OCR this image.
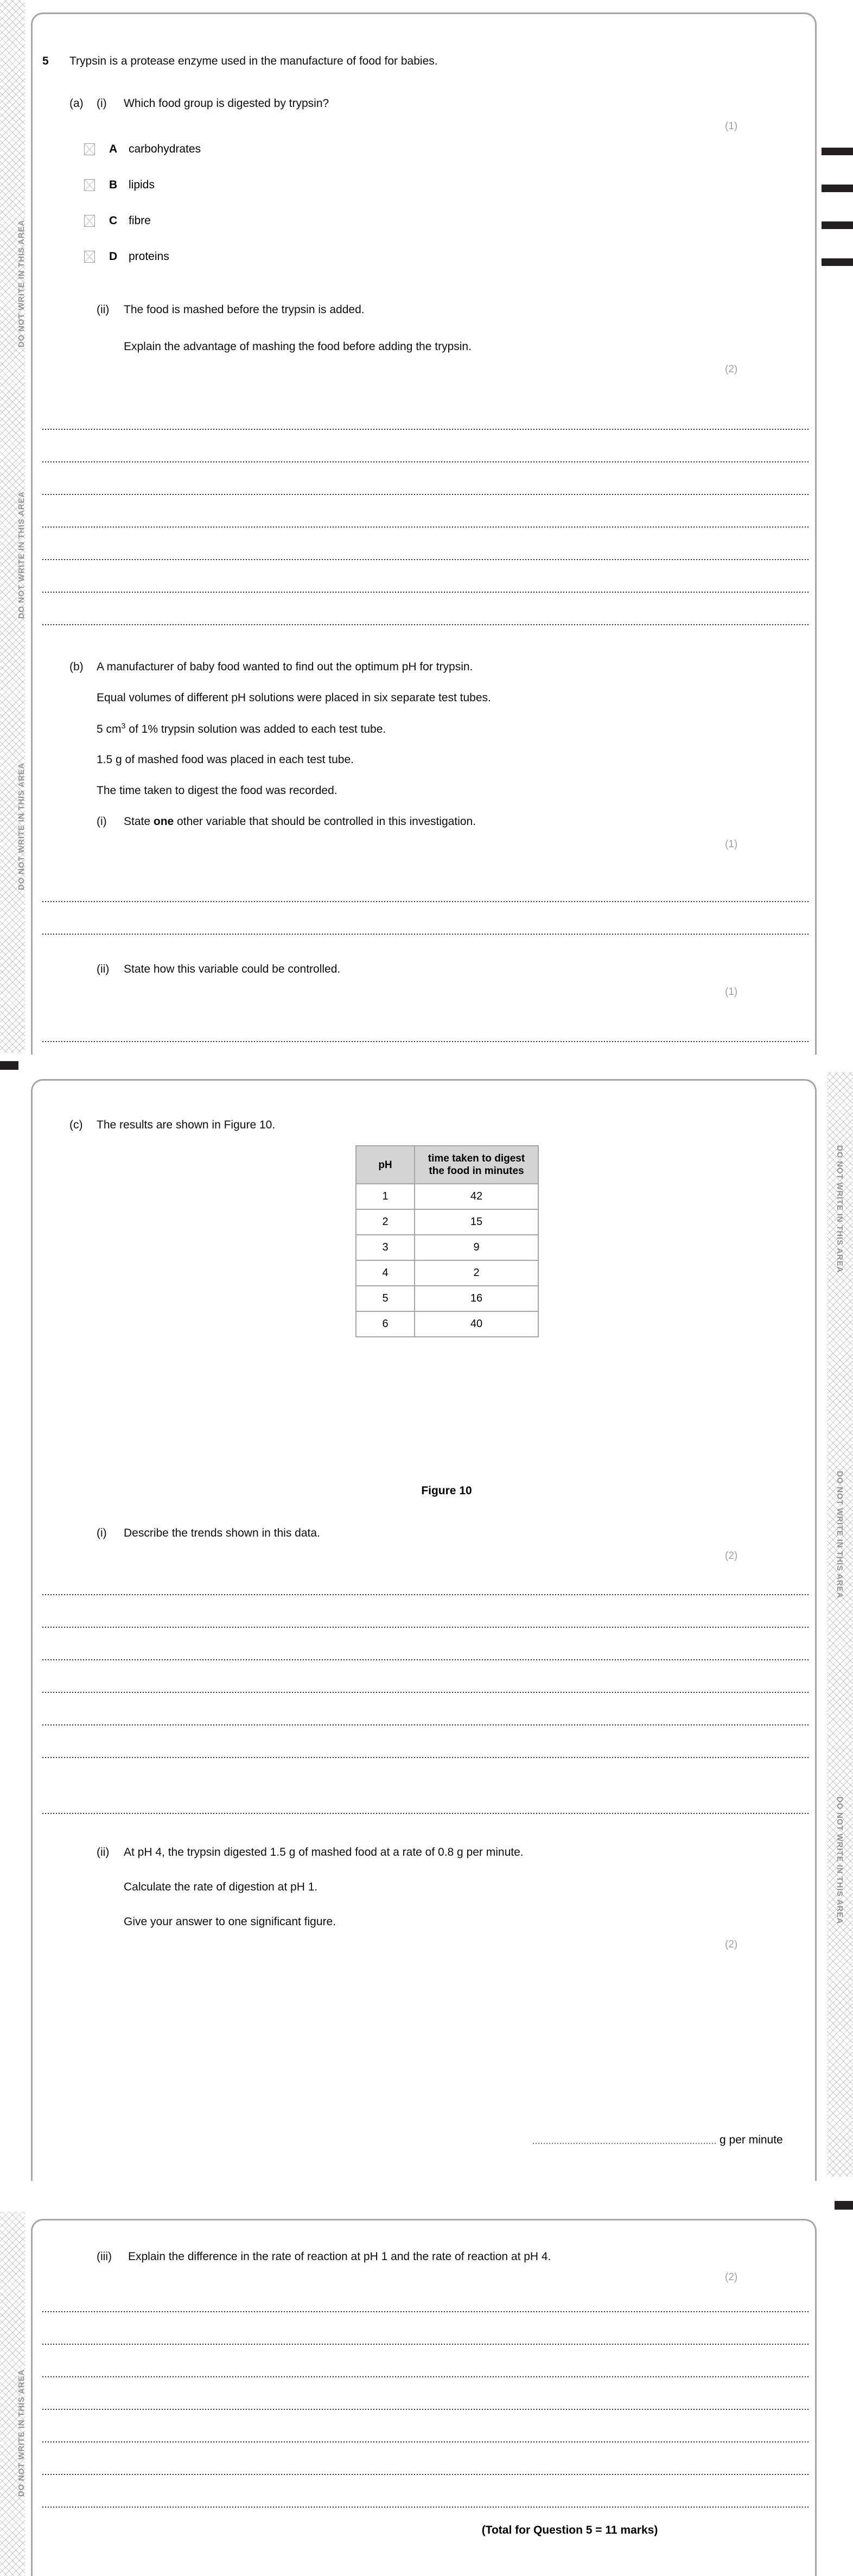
DO NOT WRITE IN THIS AREA
DO NOT WRITE IN THIS AREA
DO NOT WRITE IN THIS AREA
5 Trypsin is a protease enzyme used in the manufacture of food for babies.
(a) (i) Which food group is digested by trypsin?
(1)
A carbohydrates
B lipids
C fibre
D proteins
(ii) The food is mashed before the trypsin is added.
Explain the advantage of mashing the food before adding the trypsin.
(2)
(b) A manufacturer of baby food wanted to find out the optimum pH for trypsin.
Equal volumes of different pH solutions were placed in six separate test tubes.
5 $cm^3$ of 1% trypsin solution was added to each test tube.
1.5 g of mashed food was placed in each test tube.
The time taken to digest the food was recorded.
(i) State one other variable that should be controlled in this investigation.
(1)
(ii) State how this variable could be controlled.
(1)
DO NOT WRITE IN THIS AREA
DO NOT WRITE IN THIS AREA
DO NOT WRITE IN THIS AREA
(c) The results are shown in Figure 10.
pH	time taken to digest
the food in minutes
1	42
2	15
3	9
4	2
5	16
6	40
Figure 10
(i) Describe the trends shown in this data.
(2)
(ii) At pH 4, the trypsin digested 1.5 g of mashed food at a rate of 0.8 g per minute.
Calculate the rate of digestion at pH 1.
Give your answer to one significant figure.
(2)
g per minute
DO NOT WRITE IN THIS AREA
(iii) Explain the difference in the rate of reaction at pH 1 and the rate of reaction at pH 4.
(2)
(Total for Question 5 = 11 marks)
